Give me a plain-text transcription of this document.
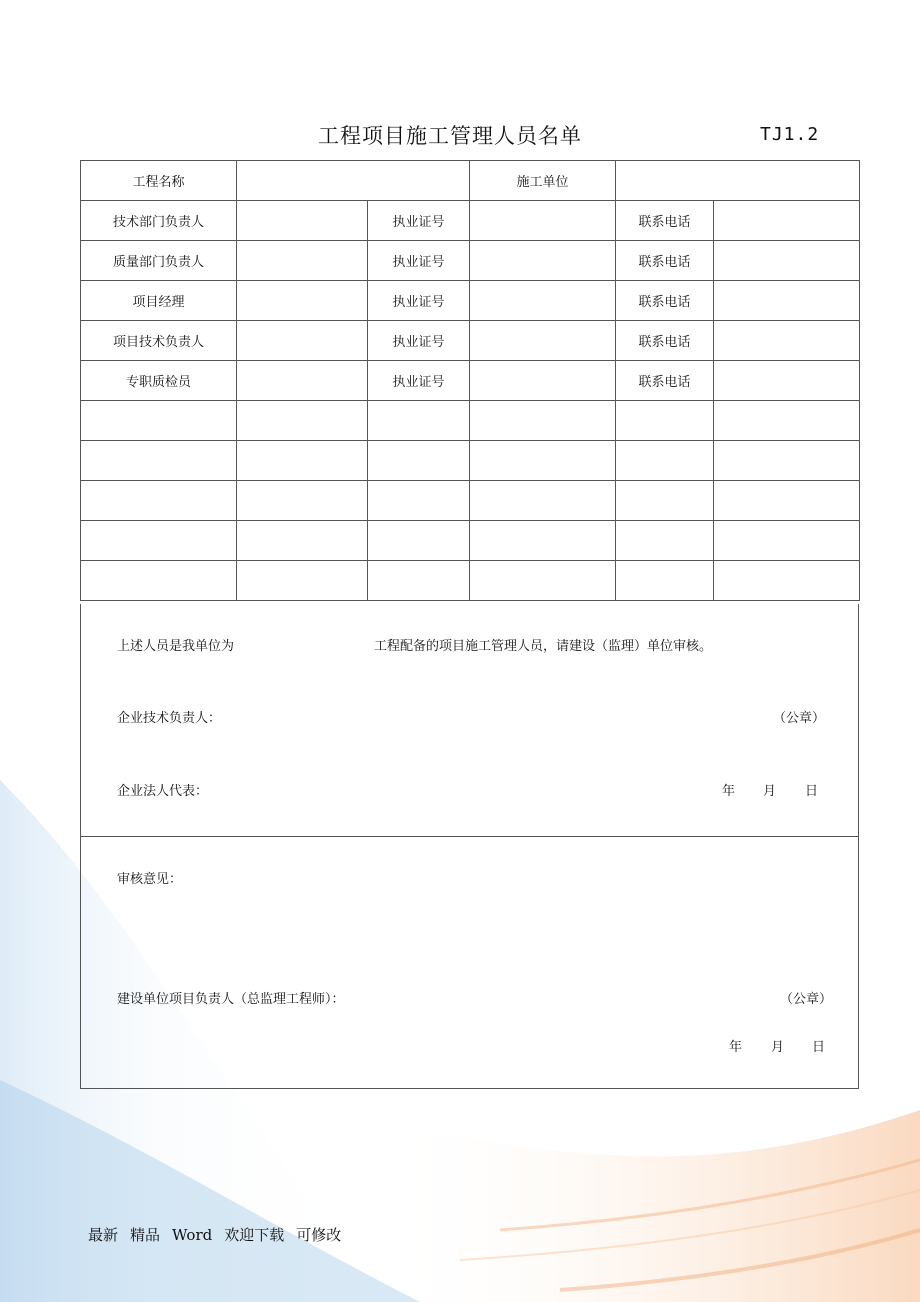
工程项目施工管理人员名单	TJ1.2
工程名称			施工单位		
技术部门负责人		执业证号		联系电话	
质量部门负责人		执业证号		联系电话	
项目经理		执业证号		联系电话	
项目技术负责人		执业证号		联系电话	
专职质检员		执业证号		联系电话	

上述人员是我单位为	工程配备的项目施工管理人员，请建设（监理）单位审核。
企业技术负责人：	（公章）
企业法人代表：	年 月 日
审核意见：
建设单位项目负责人（总监理工程师）：	（公章）
年 月 日
最新 精品 Word 欢迎下载 可修改
